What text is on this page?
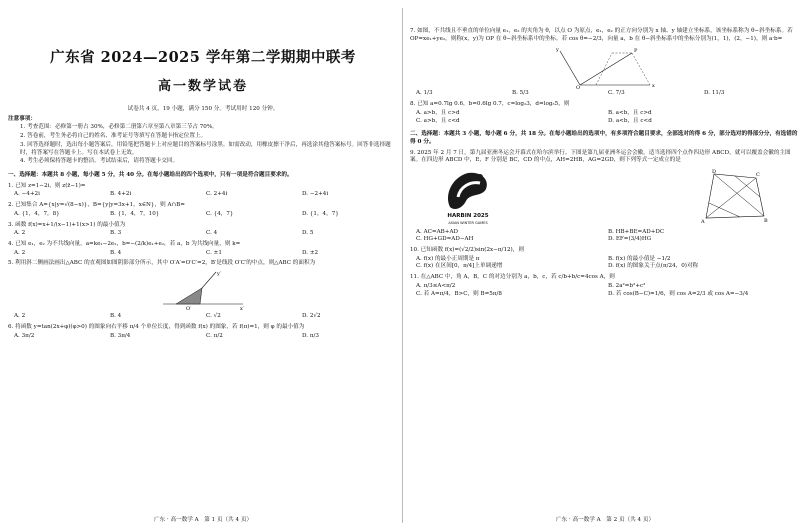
广东省 2024—2025 学年第二学期期中联考
高一数学试卷
试卷共 4 页，19 小题，满分 150 分。考试用时 120 分钟。
注意事项：
1. 考查范围：必修第一册占 30%，必修第二册第六章至第八章第三节占 70%。
2. 答卷前，考生务必将自己的姓名、准考证号等填写在答题卡指定位置上。
3. 回答选择题时，选出每小题答案后，用铅笔把答题卡上对应题目的答案标号涂黑。如需改动，用橡皮擦干净后，再选涂其他答案标号。回答非选择题时，将答案写在答题卡上。写在本试卷上无效。
4. 考生必须保持答题卡的整洁。考试结束后，请将答题卡交回。
一、选择题：本题共 8 小题，每小题 5 分，共 40 分。在每小题给出的四个选项中，只有一项是符合题目要求的。
1. 已知 z=1−2i，则 z(z̄−1)=
A. −4+2i	B. 4+2i	C. 2+4i	D. −2+4i
2. 已知集合 A={x|y=√(8−x)}，B={y|y=3x+1，x∈N}，则 A∩B=
A. {1，4，7，8}	B. {1，4，7，10}	C. {4，7}	D. {1，4，7}
3. 函数 f(x)=x+1/(x−1)+1(x>1) 的最小值为
A. 2	B. 3	C. 4	D. 5
4. 已知 e₁，e₂ 为不共线向量，a=ke₁−2e₂，b=−(2/k)e₁+e₂，若 a，b 为共线向量，则 k=
A. 2	B. 4	C. ±1	D. ±2
5. 利用斜二侧画法画出△ABC 的直观图如图阴影部分所示，其中 O′A′=O′C′=2，B′是线段 O′C′的中点，则△ABC 的面积为
x′
y′
O′
A. 2	B. 4	C. √2	D. 2√2
6. 将函数 y=tan(2x+φ)(φ>0) 的图象向右平移 π/4 个单位长度，得到函数 f(x) 的图象，若 f(π)=1，则 φ 的最小值为
A. 3π/2	B. 3π/4	C. π/2	D. π/3
广东 · 高一数学 A　第 1 页（共 4 页）
7. 如图，不共线且不垂直的单位向量 e₁，e₂ 的夹角为 θ，以点 O 为原点，e₁，e₂ 的正方向分别为 x 轴、y 轴建立坐标系，该坐标系称为 θ−斜坐标系。若 OP=xe₁+ye₂，则称(x，y)为 OP 在 θ−斜坐标系中的坐标。若 cos θ=−2/3，向量 a，b 在 θ−斜坐标系中的坐标分别为(1，1)，(2，−1)，则 a·b=
O	x
y	P
A. 1/3	B. 5/3	C. 7/3	D. 11/3
8. 已知 a=0.7lg 0.6，b=0.6lg 0.7，c=log₂3，d=log₃5，则
A. a>b，且 c>d	B. a<b，且 c>d
C. a>b，且 c<d	D. a<b，且 c<d
二、选择题：本题共 3 小题，每小题 6 分，共 18 分。在每小题给出的选项中，有多项符合题目要求，全部选对的得 6 分，部分选对的得部分分，有选错的得 0 分。
9. 2025 年 2 月 7 日，第九届亚洲冬运会开幕式在哈尔滨举行。下图是第九届亚洲冬运会会徽，适当选择四个点作四边形 ABCD，就可以覆盖会徽的主图案。在四边形 ABCD 中，E，F 分别是 BC，CD 的中点，AH=2HB，AG=2GD，则下列等式一定成立的是
HARBIN 2025
ASIAN WINTER GAMES	A
D	C
B
A. AC=AB+AD	B. HB+BE=AD+DC
C. HG+GD=AD−AH	D. EF=(3/4)HG
10. 已知函数 f(x)=(√2/2)sin(2x−π/12)，则
A. f(x) 的最小正周期是 π	B. f(x) 的最小值是 −1/2
C. f(x) 在区间[0，π/4]上单调递增	D. f(x) 的图象关于点(π/24，0)对称
11. 在△ABC 中，角 A，B，C 的对边分别为 a，b，c，若 c/b+b/c=4cos A，则
A. π/3≤A<π/2	B. 2a²=b²+c²
C. 若 A=π/4，B>C，则 B=5π/8	D. 若 cos(B−C)=1/6，则 cos A=2/3 或 cos A=−3/4
广东 · 高一数学 A　第 2 页（共 4 页）
